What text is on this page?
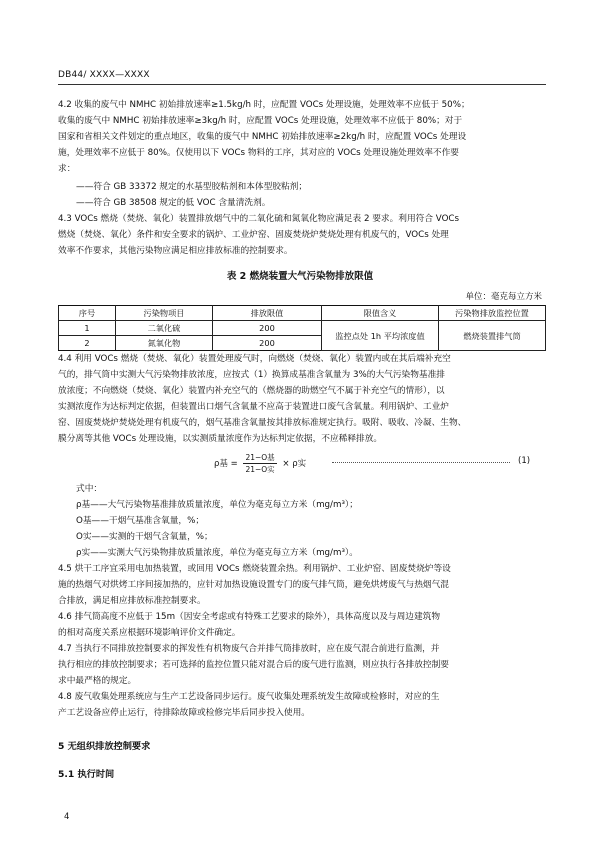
DB44/ XXXX—XXXX
4.2 收集的废气中 NMHC 初始排放速率≥1.5kg/h 时，应配置 VOCs 处理设施，处理效率不应低于 50%；
收集的废气中 NMHC 初始排放速率≥3kg/h 时，应配置 VOCs 处理设施，处理效率不应低于 80%；对于
国家和省相关文件划定的重点地区，收集的废气中 NMHC 初始排放速率≥2kg/h 时，应配置 VOCs 处理设
施，处理效率不应低于 80%。仅使用以下 VOCs 物料的工序，其对应的 VOCs 处理设施处理效率不作要
求：
——符合 GB 33372 规定的水基型胶粘剂和本体型胶粘剂；
——符合 GB 38508 规定的低 VOC 含量清洗剂。
4.3 VOCs 燃烧（焚烧、氧化）装置排放烟气中的二氧化硫和氮氧化物应满足表 2 要求。利用符合 VOCs
燃烧（焚烧、氧化）条件和安全要求的锅炉、工业炉窑、固废焚烧炉焚烧处理有机废气的，VOCs 处理
效率不作要求，其他污染物应满足相应排放标准的控制要求。
表 2 燃烧装置大气污染物排放限值
单位：毫克每立方米
序号	污染物项目	排放限值	限值含义	污染物排放监控位置
1	二氧化硫	200	监控点处 1h 平均浓度值	燃烧装置排气筒
2	氮氧化物	200		
4.4 利用 VOCs 燃烧（焚烧、氧化）装置处理废气时，向燃烧（焚烧、氧化）装置内或在其后端补充空
气的，排气筒中实测大气污染物排放浓度，应按式（1）换算成基准含氧量为 3%的大气污染物基准排
放浓度；不向燃烧（焚烧、氧化）装置内补充空气的（燃烧器的助燃空气不属于补充空气的情形），以
实测浓度作为达标判定依据，但装置出口烟气含氧量不应高于装置进口废气含氧量。利用锅炉、工业炉
窑、固废焚烧炉焚烧处理有机废气的，烟气基准含氧量按其排放标准规定执行。吸附、吸收、冷凝、生物、
膜分离等其他 VOCs 处理设施，以实测质量浓度作为达标判定依据，不应稀释排放。
ρ基 =
21−O基
21−O实
× ρ实	(1)
式中：
ρ基——大气污染物基准排放质量浓度，单位为毫克每立方米（mg/m³）；
O基——干烟气基准含氧量，%；
O实——实测的干烟气含氧量，%；
ρ实——实测大气污染物排放质量浓度，单位为毫克每立方米（mg/m³）。
4.5 烘干工序宜采用电加热装置，或回用 VOCs 燃烧装置余热。利用锅炉、工业炉窑、固废焚烧炉等设
施的热烟气对烘烤工序间接加热的，应针对加热设施设置专门的废气排气筒，避免烘烤废气与热烟气混
合排放，满足相应排放标准控制要求。
4.6 排气筒高度不应低于 15m（因安全考虑或有特殊工艺要求的除外），具体高度以及与周边建筑物
的相对高度关系应根据环境影响评价文件确定。
4.7 当执行不同排放控制要求的挥发性有机物废气合并排气筒排放时，应在废气混合前进行监测，并
执行相应的排放控制要求；若可选择的监控位置只能对混合后的废气进行监测，则应执行各排放控制要
求中最严格的规定。
4.8 废气收集处理系统应与生产工艺设备同步运行。废气收集处理系统发生故障或检修时，对应的生
产工艺设备应停止运行，待排除故障或检修完毕后同步投入使用。
5 无组织排放控制要求
5.1 执行时间
4
